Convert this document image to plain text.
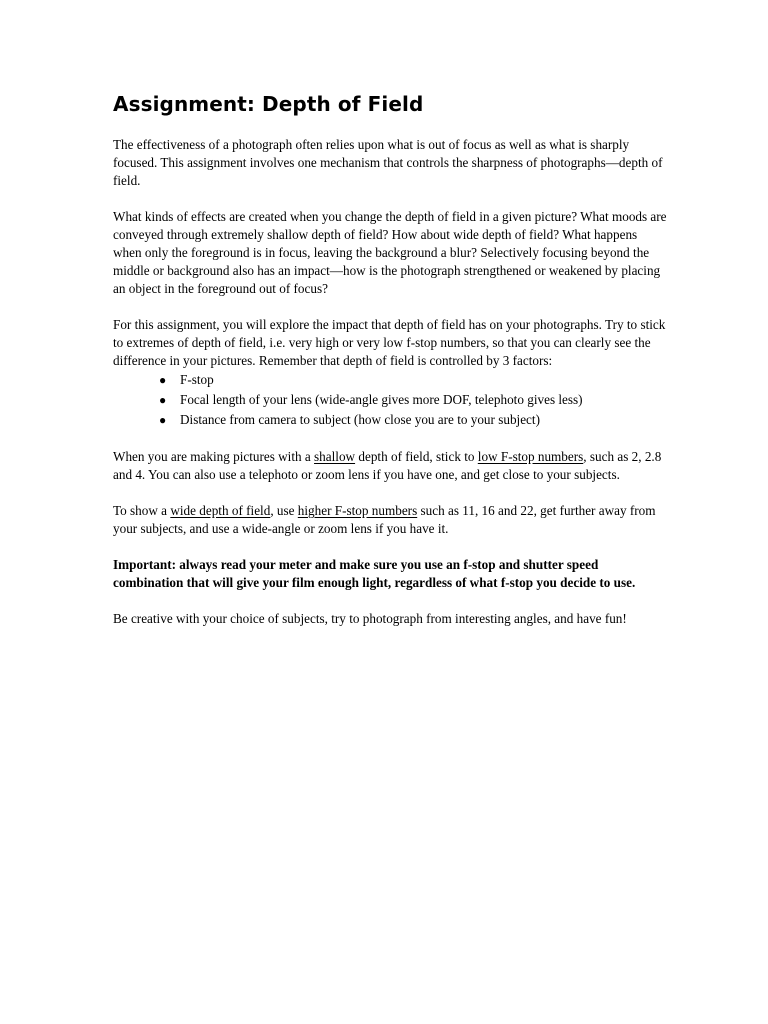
Assignment: Depth of Field

The effectiveness of a photograph often relies upon what is out of focus as well as what is sharply focused. This assignment involves one mechanism that controls the sharpness of photographs—depth of field.

What kinds of effects are created when you change the depth of field in a given picture? What moods are conveyed through extremely shallow depth of field? How about wide depth of field? What happens when only the foreground is in focus, leaving the background a blur? Selectively focusing beyond the middle or background also has an impact—how is the photograph strengthened or weakened by placing an object in the foreground out of focus?

For this assignment, you will explore the impact that depth of field has on your photographs. Try to stick to extremes of depth of field, i.e. very high or very low f-stop numbers, so that you can clearly see the difference in your pictures. Remember that depth of field is controlled by 3 factors:

● F-stop
● Focal length of your lens (wide-angle gives more DOF, telephoto gives less)
● Distance from camera to subject (how close you are to your subject)

When you are making pictures with a shallow depth of field, stick to low F-stop numbers, such as 2, 2.8 and 4. You can also use a telephoto or zoom lens if you have one, and get close to your subjects.

To show a wide depth of field, use higher F-stop numbers such as 11, 16 and 22, get further away from your subjects, and use a wide-angle or zoom lens if you have it.

Important: always read your meter and make sure you use an f-stop and shutter speed combination that will give your film enough light, regardless of what f-stop you decide to use.

Be creative with your choice of subjects, try to photograph from interesting angles, and have fun!
